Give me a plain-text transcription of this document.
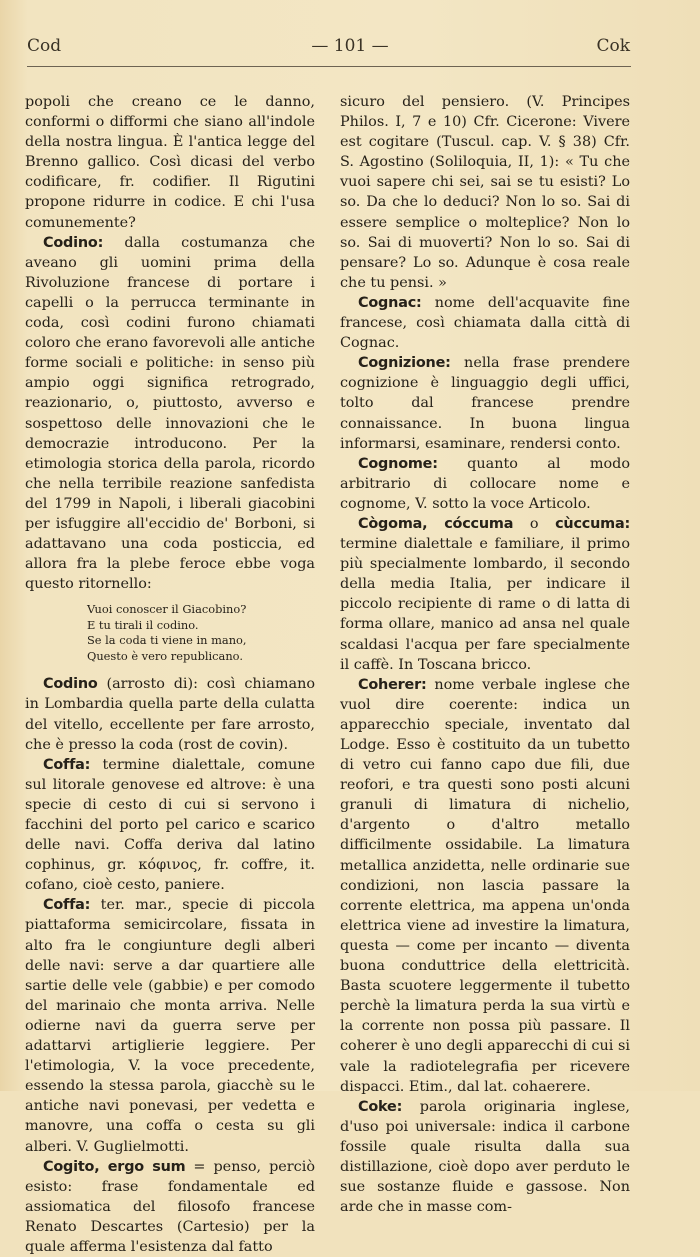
Cod	— 101 —	Cok

popoli che creano ce le danno, conformi o difformi che siano all'indole della nostra lingua. È l'antica legge del Brenno gallico. Così dicasi del verbo codificare, fr. codifier. Il Rigutini propone ridurre in codice. E chi l'usa comunemente?

Codino: dalla costumanza che aveano gli uomini prima della Rivoluzione francese di portare i capelli o la perrucca terminante in coda, così codini furono chiamati coloro che erano favorevoli alle antiche forme sociali e politiche: in senso più ampio oggi significa retrogrado, reazionario, o, piuttosto, avverso e sospettoso delle innovazioni che le democrazie introducono. Per la etimologia storica della parola, ricordo che nella terribile reazione sanfedista del 1799 in Napoli, i liberali giacobini per isfuggire all'eccidio de' Borboni, si adattavano una coda posticcia, ed allora fra la plebe feroce ebbe voga questo ritornello:

Vuoi conoscer il Giacobino?
E tu tirali il codino.
Se la coda ti viene in mano,
Questo è vero republicano.

Codino (arrosto di): così chiamano in Lombardia quella parte della culatta del vitello, eccellente per fare arrosto, che è presso la coda (rost de covin).

Coffa: termine dialettale, comune sul litorale genovese ed altrove: è una specie di cesto di cui si servono i facchini del porto pel carico e scarico delle navi. Coffa deriva dal latino cophinus, gr. κόφινος, fr. coffre, it. cofano, cioè cesto, paniere.

Coffa: ter. mar., specie di piccola piattaforma semicircolare, fissata in alto fra le congiunture degli alberi delle navi: serve a dar quartiere alle sartie delle vele (gabbie) e per comodo del marinaio che monta arriva. Nelle odierne navi da guerra serve per adattarvi artiglierie leggiere. Per l'etimologia, V. la voce precedente, essendo la stessa parola, giacchè su le antiche navi ponevasi, per vedetta e manovre, una coffa o cesta su gli alberi. V. Guglielmotti.

Cogito, ergo sum = penso, perciò esisto: frase fondamentale ed assiomatica del filosofo francese Renato Descartes (Cartesio) per la quale afferma l'esistenza dal fatto

sicuro del pensiero. (V. Principes Philos. I, 7 e 10) Cfr. Cicerone: Vivere est cogitare (Tuscul. cap. V. § 38) Cfr. S. Agostino (Soliloquia, II, 1): « Tu che vuoi sapere chi sei, sai se tu esisti? Lo so. Da che lo deduci? Non lo so. Sai di essere semplice o molteplice? Non lo so. Sai di muoverti? Non lo so. Sai di pensare? Lo so. Adunque è cosa reale che tu pensi. »

Cognac: nome dell'acquavite fine francese, così chiamata dalla città di Cognac.

Cognizione: nella frase prendere cognizione è linguaggio degli uffici, tolto dal francese prendre connaissance. In buona lingua informarsi, esaminare, rendersi conto.

Cognome: quanto al modo arbitrario di collocare nome e cognome, V. sotto la voce Articolo.

Cògoma, cóccuma o cùccuma: termine dialettale e familiare, il primo più specialmente lombardo, il secondo della media Italia, per indicare il piccolo recipiente di rame o di latta di forma ollare, manico ad ansa nel quale scaldasi l'acqua per fare specialmente il caffè. In Toscana bricco.

Coherer: nome verbale inglese che vuol dire coerente: indica un apparecchio speciale, inventato dal Lodge. Esso è costituito da un tubetto di vetro cui fanno capo due fili, due reofori, e tra questi sono posti alcuni granuli di limatura di nichelio, d'argento o d'altro metallo difficilmente ossidabile. La limatura metallica anzidetta, nelle ordinarie sue condizioni, non lascia passare la corrente elettrica, ma appena un'onda elettrica viene ad investire la limatura, questa — come per incanto — diventa buona conduttrice della elettricità. Basta scuotere leggermente il tubetto perchè la limatura perda la sua virtù e la corrente non possa più passare. Il coherer è uno degli apparecchi di cui si vale la radiotelegrafia per ricevere dispacci. Etim., dal lat. cohaerere.

Coke: parola originaria inglese, d'uso poi universale: indica il carbone fossile quale risulta dalla sua distillazione, cioè dopo aver perduto le sue sostanze fluide e gassose. Non arde che in masse com-
